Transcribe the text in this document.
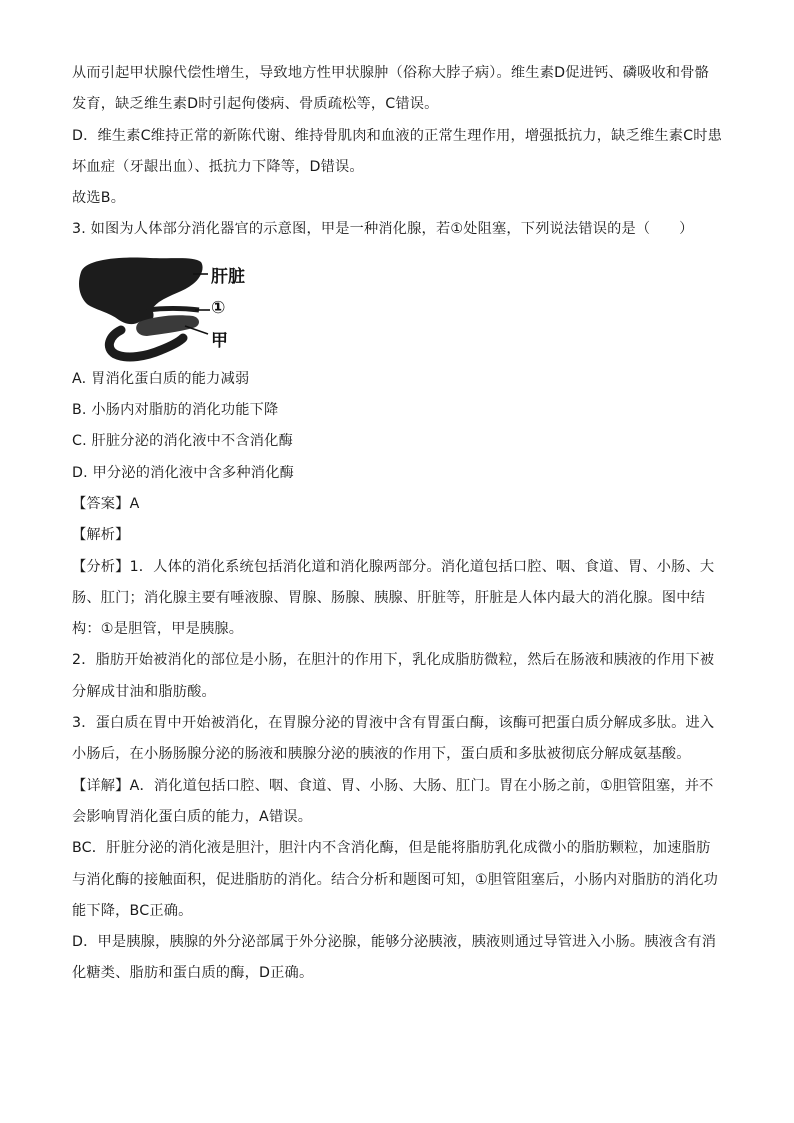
从而引起甲状腺代偿性增生，导致地方性甲状腺肿（俗称大脖子病）。维生素D促进钙、磷吸收和骨骼发育，缺乏维生素D时引起佝偻病、骨质疏松等，C错误。

D．维生素C维持正常的新陈代谢、维持骨肌肉和血液的正常生理作用，增强抵抗力，缺乏维生素C时患坏血症（牙龈出血）、抵抗力下降等，D错误。

故选B。

3. 如图为人体部分消化器官的示意图，甲是一种消化腺，若①处阻塞，下列说法错误的是（　　）

肝脏
①
甲

A. 胃消化蛋白质的能力减弱

B. 小肠内对脂肪的消化功能下降

C. 肝脏分泌的消化液中不含消化酶

D. 甲分泌的消化液中含多种消化酶

【答案】A

【解析】

【分析】1．人体的消化系统包括消化道和消化腺两部分。消化道包括口腔、咽、食道、胃、小肠、大肠、肛门；消化腺主要有唾液腺、胃腺、肠腺、胰腺、肝脏等，肝脏是人体内最大的消化腺。图中结构：①是胆管，甲是胰腺。

2．脂肪开始被消化的部位是小肠，在胆汁的作用下，乳化成脂肪微粒，然后在肠液和胰液的作用下被分解成甘油和脂肪酸。

3．蛋白质在胃中开始被消化，在胃腺分泌的胃液中含有胃蛋白酶，该酶可把蛋白质分解成多肽。进入小肠后，在小肠肠腺分泌的肠液和胰腺分泌的胰液的作用下，蛋白质和多肽被彻底分解成氨基酸。

【详解】A．消化道包括口腔、咽、食道、胃、小肠、大肠、肛门。胃在小肠之前，①胆管阻塞，并不会影响胃消化蛋白质的能力，A错误。

BC．肝脏分泌的消化液是胆汁，胆汁内不含消化酶，但是能将脂肪乳化成微小的脂肪颗粒，加速脂肪与消化酶的接触面积，促进脂肪的消化。结合分析和题图可知，①胆管阻塞后，小肠内对脂肪的消化功能下降，BC正确。

D．甲是胰腺，胰腺的外分泌部属于外分泌腺，能够分泌胰液，胰液则通过导管进入小肠。胰液含有消化糖类、脂肪和蛋白质的酶，D正确。
